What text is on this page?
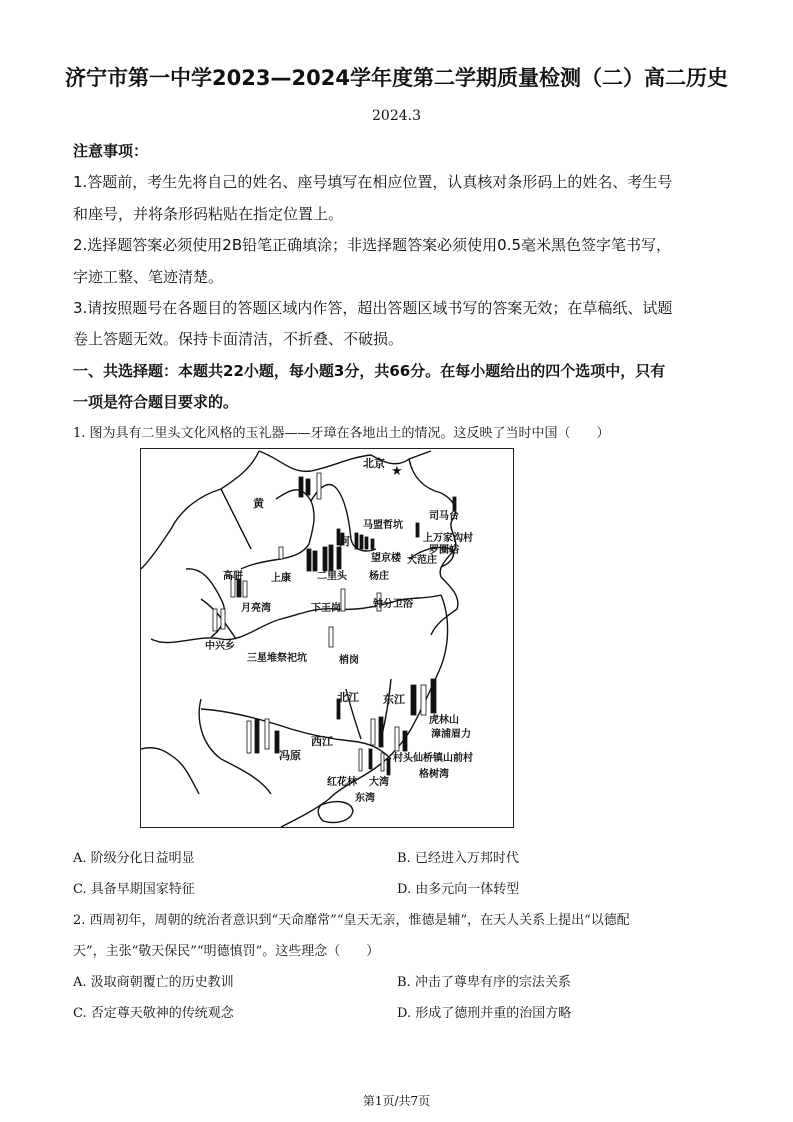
济宁市第一中学2023—2024学年度第二学期质量检测（二）高二历史
2024.3
注意事项：
1.答题前，考生先将自己的姓名、座号填写在相应位置，认真核对条形码上的姓名、考生号
和座号，并将条形码粘贴在指定位置上。
2.选择题答案必须使用2B铅笔正确填涂；非选择题答案必须使用0.5毫米黑色签字笔书写，
字迹工整、笔迹清楚。
3.请按照题号在各题目的答题区域内作答，超出答题区域书写的答案无效；在草稿纸、试题
卷上答题无效。保持卡面清洁，不折叠、不破损。
一、共选择题：本题共22小题，每小题3分，共66分。在每小题给出的四个选项中，只有
一项是符合题目要求的。
1. 图为具有二里头文化风格的玉礼器——牙璋在各地出土的情况。这反映了当时中国（　　）
★
北京
黄
河
马盟哲坑
司马台
上万家沟村
罗圈峪
望京楼 大范庄
高骈	上康	二里头 杨庄
月亮湾	下王岗	钟分卫浴
中兴乡
三星堆祭祀坑	梢岗
北江 东江
虎林山
漳浦眉力
西江
冯原	村头 仙桥镇山前村
格树湾
红花林 大湾
东湾
A. 阶级分化日益明显	B. 已经进入万邦时代
C. 具备早期国家特征	D. 由多元向一体转型
2. 西周初年，周朝的统治者意识到“天命靡常”“皇天无亲，惟德是辅”，在天人关系上提出“以德配
天”，主张“敬天保民”“明德慎罚”。这些理念（　　）
A. 汲取商朝覆亡的历史教训	B. 冲击了尊卑有序的宗法关系
C. 否定尊天敬神的传统观念	D. 形成了德刑并重的治国方略
第1页/共7页
